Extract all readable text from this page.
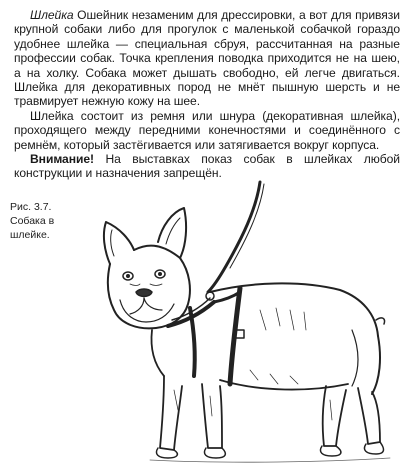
Шлейка Ошейник незаменим для дрессировки, а вот для привязи крупной собаки либо для прогулок с маленькой собачкой гораздо удобнее шлейка — специальная сбруя, рассчитанная на разные профессии собак. Точка крепления поводка приходится не на шею, а на холку. Собака может дышать свободно, ей легче двигаться. Шлейка для декоративных пород не мнёт пышную шерсть и не травмирует нежную кожу на шее.

Шлейка состоит из ремня или шнура (декоративная шлейка), проходящего между передними конечностями и соединённого с ремнём, который застёгивается или затягивается вокруг корпуса.

Внимание! На выставках показ собак в шлейках любой конструкции и назначения запрещён.

Рис. 3.7. Собака в шлейке.
